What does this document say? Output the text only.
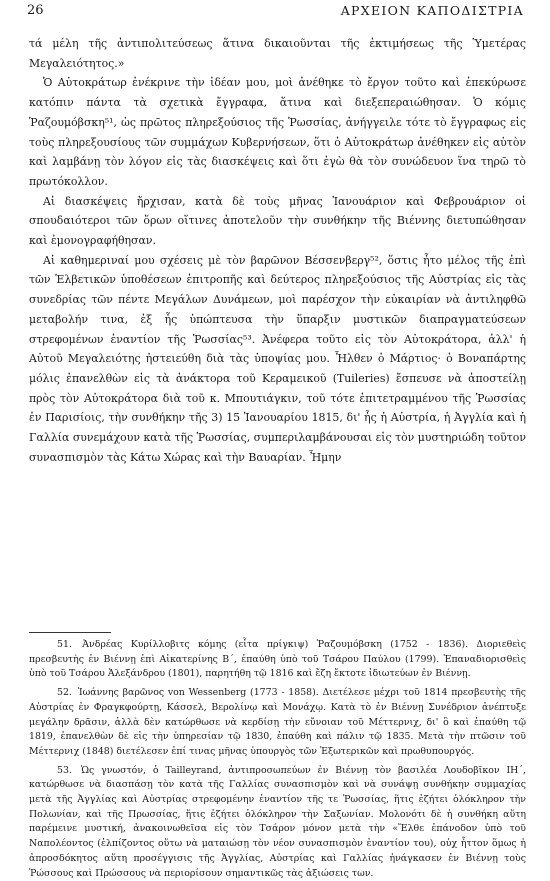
26	ΑΡΧΕΙΟΝ ΚΑΠΟΔΙΣΤΡΙΑ

τά μέλη τῆς ἀντιπολιτεύσεως ἅτινα δικαιοῦνται τῆς ἐκτιμήσεως τῆς Ὑμετέρας Μεγαλειότητος.»

Ὁ Αὐτοκράτωρ ἐνέκρινε τὴν ἰδέαν μου, μοὶ ἀνέθηκε τὸ ἔργον τοῦτο καὶ ἐπεκύρωσε κατόπιν πάντα τὰ σχετικὰ ἔγγραφα, ἅτινα καὶ διεξεπεραιώθησαν. Ὁ κόμις Ῥαζουμόβσκη⁵¹, ὡς πρῶτος πληρεξούσιος τῆς Ῥωσσίας, ἀνήγγειλε τότε τὸ ἔγγραφως εἰς τοὺς πληρεξουσίους τῶν συμμάχων Κυβερνήσεων, ὅτι ὁ Αὐτοκράτωρ ἀνέθηκεν εἰς αὐτὸν καὶ λαμβάνῃ τὸν λόγον εἰς τὰς διασκέψεις καὶ ὅτι ἐγὼ θὰ τὸν συνώδευον ἵνα τηρῶ τὸ πρωτόκολλον.

Αἱ διασκέψεις ἤρχισαν, κατὰ δὲ τοὺς μῆνας Ἰανουάριον καὶ Φεβρουάριον οἱ σπουδαιότεροι τῶν ὅρων οἵτινες ἀποτελοῦν τὴν συνθήκην τῆς Βιέννης διετυπώθησαν καὶ ἐμονογραφήθησαν.

Αἱ καθημεριναί μου σχέσεις μὲ τὸν βαρῶνον Βέσσενβεργ⁵², ὅστις ἦτο μέλος τῆς ἐπὶ τῶν Ἑλβετικῶν ὑποθέσεων ἐπιτροπῆς καὶ δεύτερος πληρεξούσιος τῆς Αὐστρίας εἰς τὰς συνεδρίας τῶν πέντε Μεγάλων Δυνάμεων, μοὶ παρέσχον τὴν εὐκαιρίαν νὰ ἀντιληφθῶ μεταβολήν τινα, ἐξ ἧς ὑπώπτευσα τὴν ὕπαρξιν μυστικῶν διαπραγματεύσεων στρεφομένων ἐναντίον τῆς Ῥωσσίας⁵³. Ἀνέφερα τοῦτο εἰς τὸν Αὐτοκράτορα, ἀλλ' ἡ Αὐτοῦ Μεγαλειότης ἠστειεύθη διὰ τὰς ὑποψίας μου. Ἦλθεν ὁ Μάρτιος· ὁ Βοναπάρτης μόλις ἐπανελθὼν εἰς τὰ ἀνάκτορα τοῦ Κεραμεικοῦ (Tuileries) ἔσπευσε νὰ ἀποστείλῃ πρὸς τὸν Αὐτοκράτορα διὰ τοῦ κ. Μπουτιάγκιν, τοῦ τότε ἐπιτετραμμένου τῆς Ῥωσσίας ἐν Παρισίοις, τὴν συνθήκην τῆς 3) 15 Ἰανουαρίου 1815, δι' ἧς ἡ Αὐστρία, ἡ Ἀγγλία καὶ ἡ Γαλλία συνεμάχουν κατὰ τῆς Ῥωσσίας, συμπεριλαμβάνουσαι εἰς τὸν μυστηριώδη τοῦτον συνασπισμὸν τὰς Κάτω Χώρας καὶ τὴν Βαυαρίαν. Ἦμην

51. Ἀνδρέας Κυρίλλοβιτς κόμης (εἶτα πρίγκιψ) Ῥαζουμόβσκη (1752 - 1836). Διοριεθεὶς πρεσβευτὴς ἐν Βιέννῃ ἐπὶ Αἰκατερίνης Β΄, ἐπαύθη ὑπὸ τοῦ Τσάρου Παύλου (1799). Ἐπαναδιορισθεὶς ὑπὸ τοῦ Τσάρου Ἀλεξάνδρου (1801), παρητήθη τῷ 1816 καὶ ἔζη ἔκτοτε ἰδιωτεύων ἐν Βιέννῃ.

52. Ἰωάννης βαρῶνος von Wessenberg (1773 - 1858). Διετέλεσε μέχρι τοῦ 1814 πρεσβευτὴς τῆς Αὐστρίας ἐν Φραγκφούρτῃ, Κάσσελ, Βερολίνῳ καὶ Μονάχῳ. Κατὰ τὸ ἐν Βιέννῃ Συνέδριον ἀνέπτυξε μεγάλην δρᾶσιν, ἀλλὰ δὲν κατώρθωσε νὰ κερδίσῃ τὴν εὔνοιαν τοῦ Μέττερνιχ, δι' ὃ καὶ ἐπαύθη τῷ 1819, ἐπανελθὼν δὲ εἰς τὴν ὑπηρεσίαν τῷ 1830, ἐπαύθη καὶ πάλιν τῷ 1835. Μετὰ τὴν πτῶσιν τοῦ Μέττερνιχ (1848) διετέλεσεν ἐπί τινας μῆνας ὑπουργὸς τῶν Ἐξωτερικῶν καὶ πρωθυπουργός.

53. Ὡς γνωστόν, ὁ Tailleyrand, ἀντιπροσωπεύων ἐν Βιέννῃ τὸν βασιλέα Λουδοβῖκον ΙΗ΄, κατώρθωσε νὰ διασπάσῃ τὸν κατὰ τῆς Γαλλίας συνασπισμὸν καὶ νὰ συνάψῃ συνθήκην συμμαχίας μετὰ τῆς Ἀγγλίας καὶ Αὐστρίας στρεφομένην ἐναντίον τῆς τε Ῥωσσίας, ἥτις ἐζήτει ὁλόκληρον τὴν Πολωνίαν, καὶ τῆς Πρωσσίας, ἥτις ἐζήτει ὁλόκληρον τὴν Σαξωνίαν. Μολονότι δὲ ἡ συνθήκη αὕτη παρέμεινε μυστική, ἀνακοινωθεῖσα εἰς τὸν Τσάρον μόνον μετὰ τὴν «Ἔλθε ἐπάνοδον ὑπὸ τοῦ Ναπολέοντος (ἐλπίζοντος οὕτω νὰ ματαιώσῃ τὸν νέον συνασπισμὸν ἐναντίον του), οὐχ ἧττον ὅμως ἡ ἀπροσδόκητος αὕτη προσέγγισις τῆς Ἀγγλίας, Αὐστρίας καὶ Γαλλίας ἠνάγκασεν ἐν Βιέννῃ τοὺς Ῥώσσους καὶ Πρώσσους νὰ περιορίσουν σημαντικῶς τὰς ἀξιώσεις των.
